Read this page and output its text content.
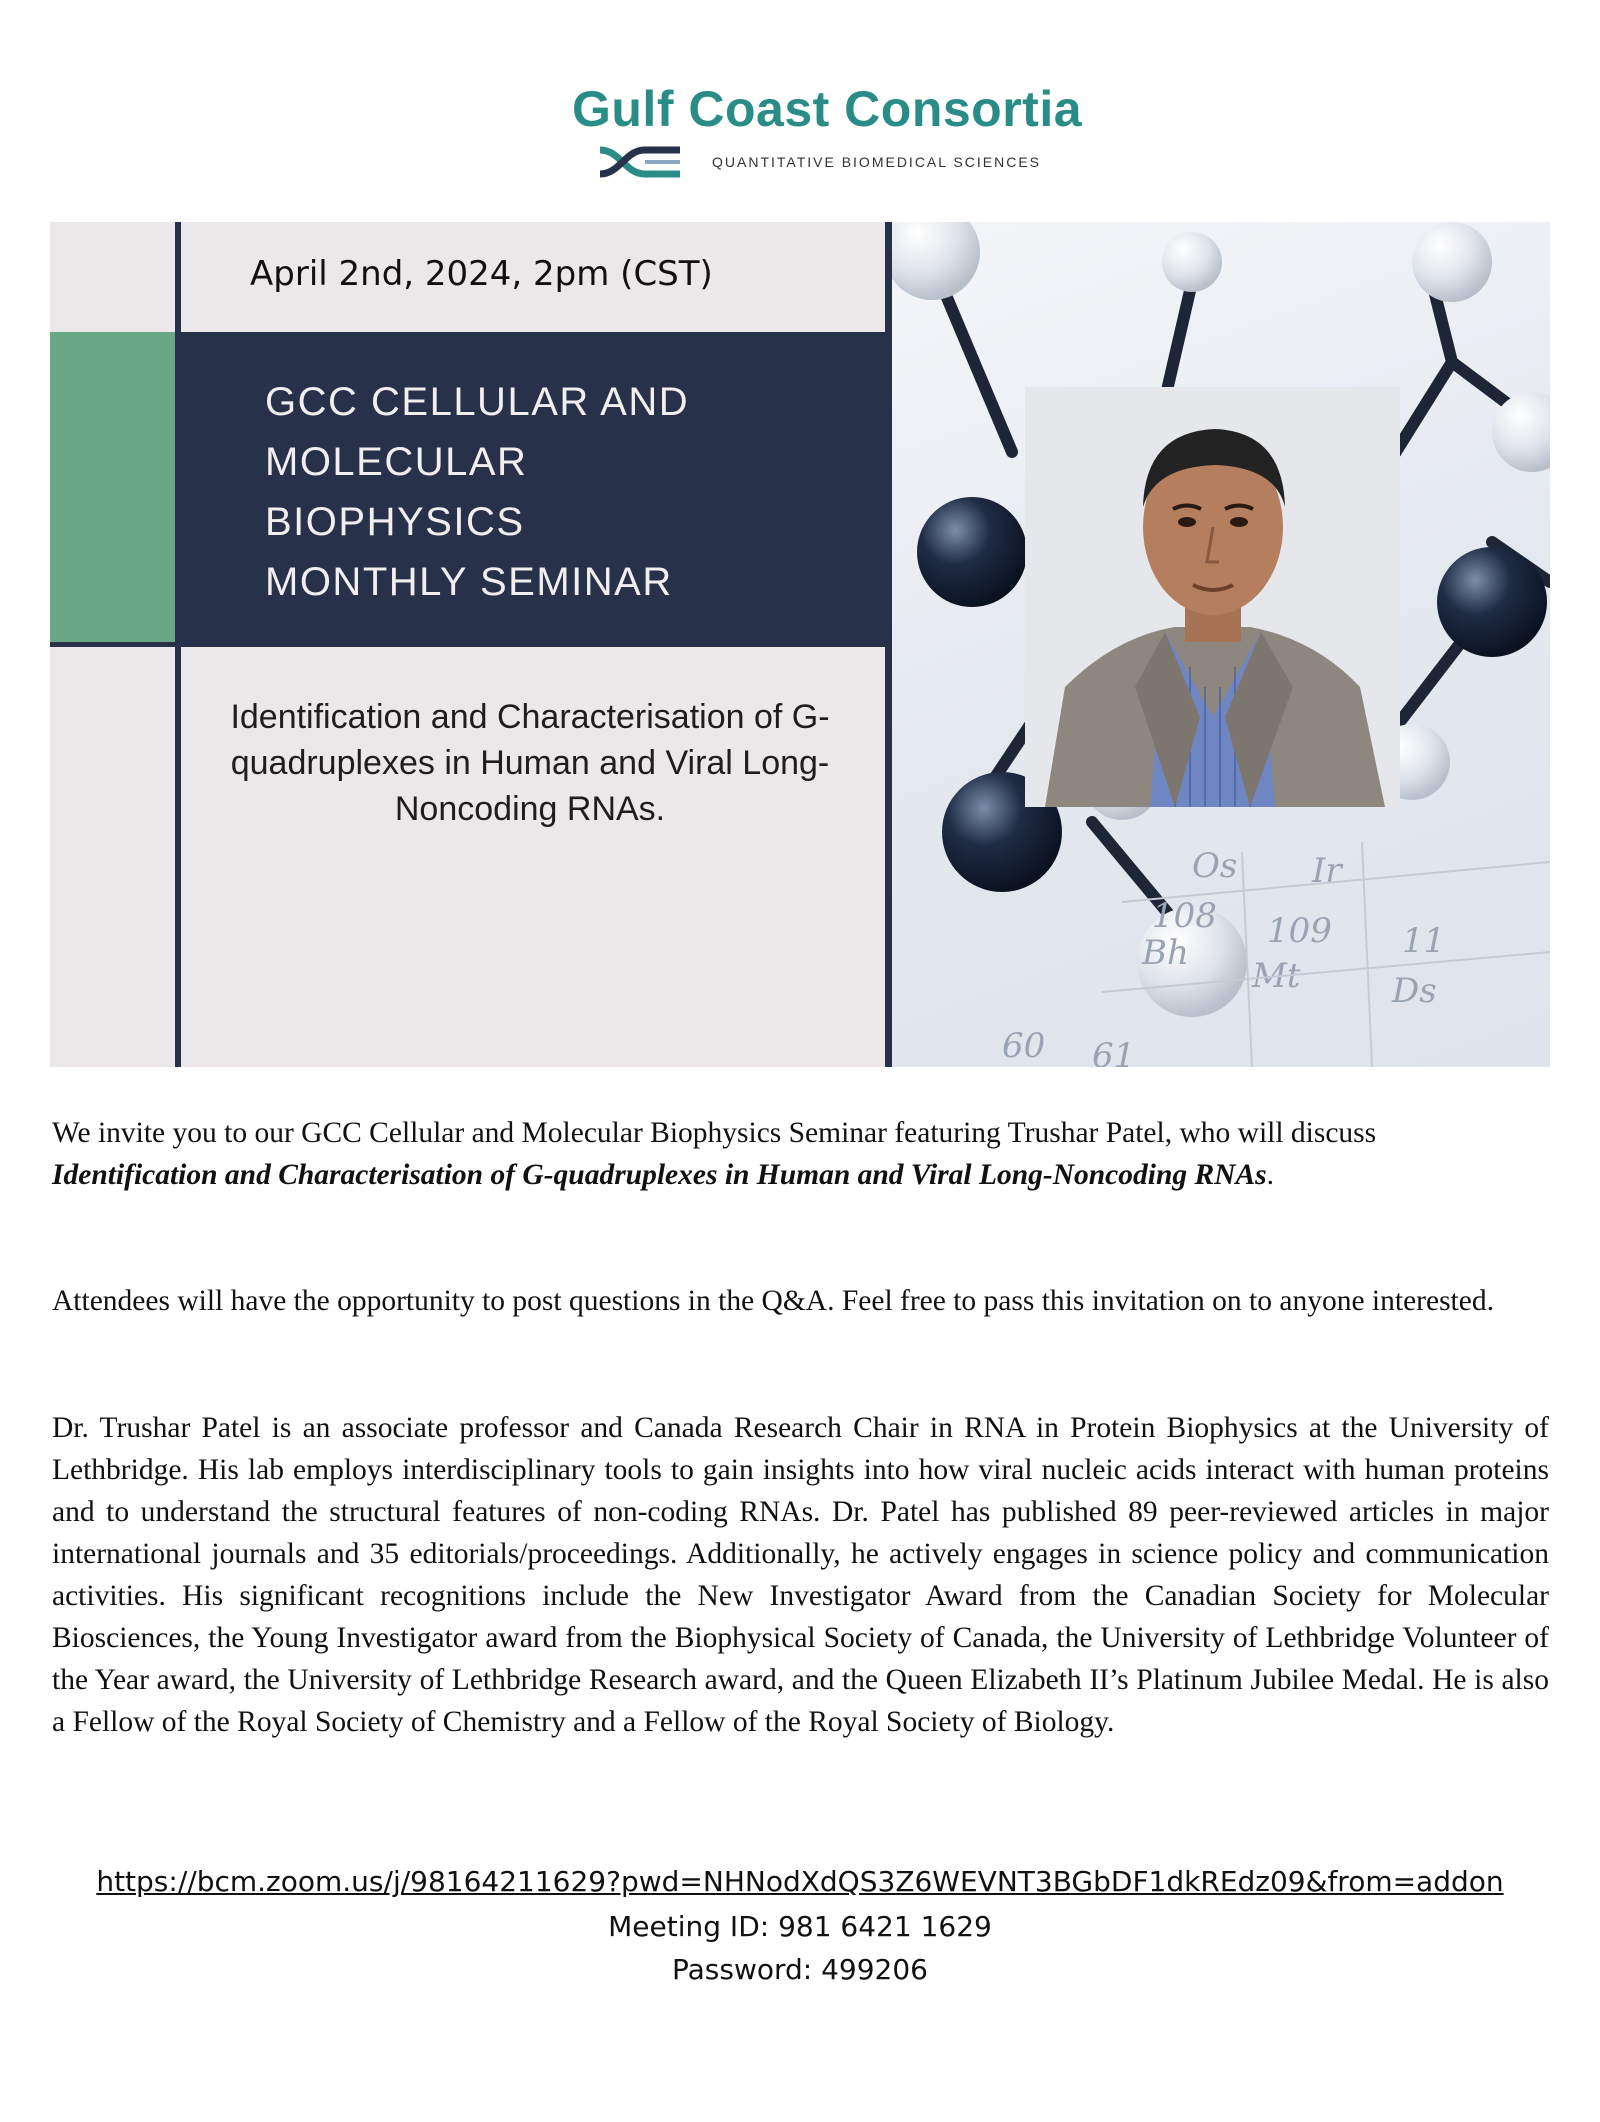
Gulf Coast Consortia
QUANTITATIVE BIOMEDICAL SCIENCES
April 2nd, 2024, 2pm (CST)
GCC CELLULAR AND
MOLECULAR
BIOPHYSICS
MONTHLY SEMINAR
Identification and Characterisation of G-quadruplexes in Human and Viral Long-Noncoding RNAs.
Os Ir
108 109 11
Bh
Mt	Ds
60 61
We invite you to our GCC Cellular and Molecular Biophysics Seminar featuring Trushar Patel, who will discuss Identification and Characterisation of G-quadruplexes in Human and Viral Long-Noncoding RNAs.
Attendees will have the opportunity to post questions in the Q&A. Feel free to pass this invitation on to anyone interested.
Dr. Trushar Patel is an associate professor and Canada Research Chair in RNA in Protein Biophysics at the University of Lethbridge. His lab employs interdisciplinary tools to gain insights into how viral nucleic acids interact with human proteins and to understand the structural features of non-coding RNAs. Dr. Patel has published 89 peer-reviewed articles in major international journals and 35 editorials/proceedings. Additionally, he actively engages in science policy and communication activities. His significant recognitions include the New Investigator Award from the Canadian Society for Molecular Biosciences, the Young Investigator award from the Biophysical Society of Canada, the University of Lethbridge Volunteer of the Year award, the University of Lethbridge Research award, and the Queen Elizabeth II’s Platinum Jubilee Medal. He is also a Fellow of the Royal Society of Chemistry and a Fellow of the Royal Society of Biology.
https://bcm.zoom.us/j/98164211629?pwd=NHNodXdQS3Z6WEVNT3BGbDF1dkREdz09&from=addon
Meeting ID: 981 6421 1629
Password: 499206
